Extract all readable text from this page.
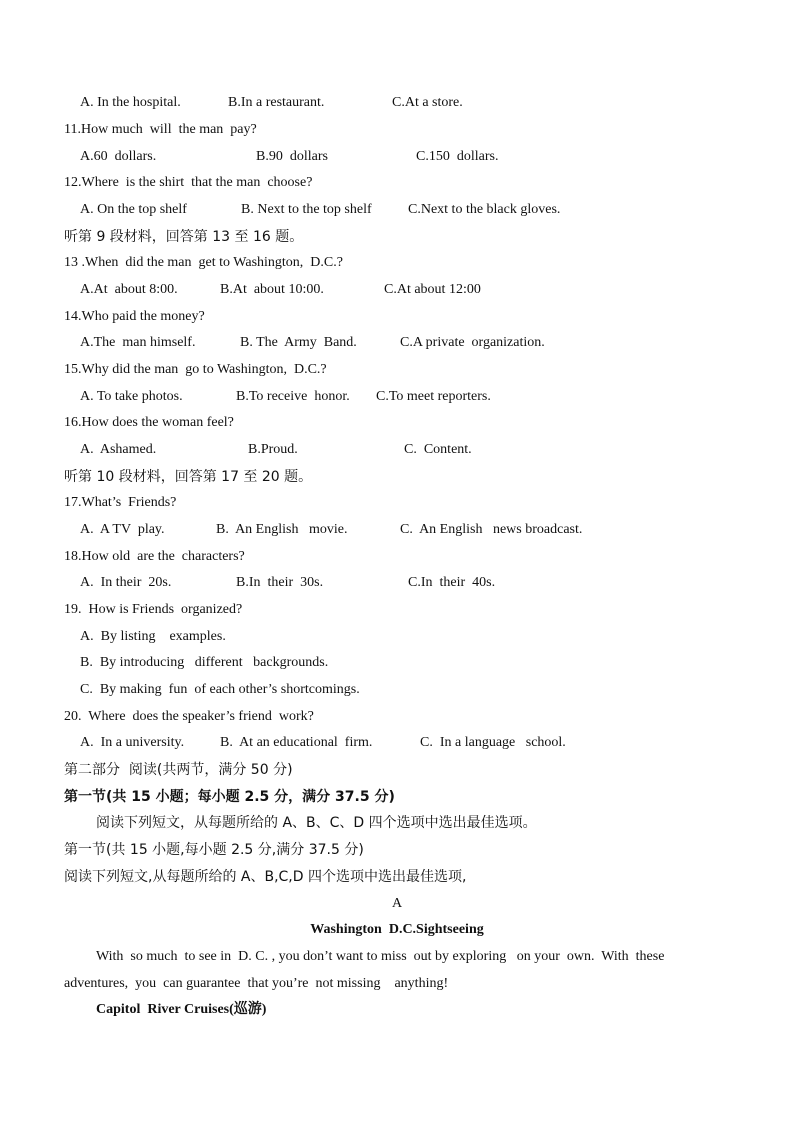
A. In the hospital.	B.In a restaurant.	C.At a store.
11.How much  will  the man  pay?
A.60  dollars.	B.90  dollars	C.150  dollars.
12.Where  is the shirt  that the man  choose?
A. On the top shelf	B. Next to the top shelf	C.Next to the black gloves.
听第 9 段材料，回答第 13 至 16 题。
13 .When  did the man  get to Washington,  D.C.?
A.At  about 8:00.	B.At  about 10:00.	C.At about 12:00
14.Who paid the money?
A.The  man himself.	B. The  Army  Band.	C.A private  organization.
15.Why did the man  go to Washington,  D.C.?
A. To take photos.	B.To receive  honor. C.To meet reporters.
16.How does the woman feel?
A.  Ashamed.	B.Proud.	C.  Content.
听第 10 段材料，回答第 17 至 20 题。
17.What’s  Friends?
A.  A TV  play.	B.  An English   movie.	C.  An English   news broadcast.
18.How old  are the  characters?
A.  In their  20s.	B.In  their  30s.	C.In  their  40s.
19.  How is Friends  organized?
A.  By listing    examples.
B.  By introducing   different   backgrounds.
C.  By making  fun  of each other’s shortcomings.
20.  Where  does the speaker’s friend  work?
A.  In a university.	B.  At an educational  firm.	C.  In a language   school.
第二部分  阅读(共两节，满分 50 分)
第一节(共 15 小题；每小题 2.5 分，满分 37.5 分)
阅读下列短文，从每题所给的 A、B、C、D 四个选项中选出最佳选项。
第一节(共 15 小题,每小题 2.5 分,满分 37.5 分)
阅读下列短文,从每题所给的 A、B,C,D 四个选项中选出最佳选项,
A
Washington  D.C.Sightseeing
With  so much  to see in  D. C. , you don’t want to miss  out by exploring   on your  own.  With  these
adventures,  you  can guarantee  that you’re  not missing    anything!
Capitol  River Cruises(巡游)
